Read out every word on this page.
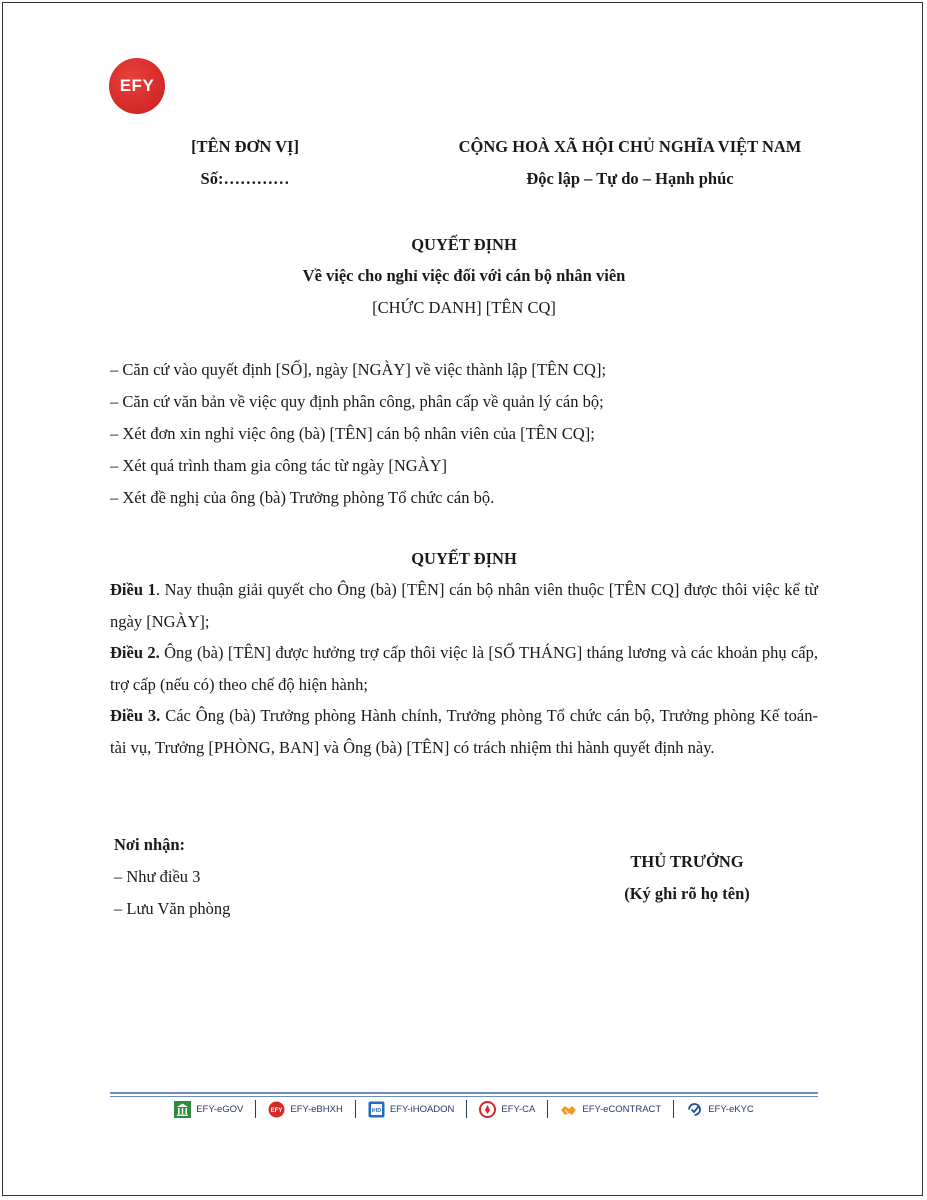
EFY
[TÊN ĐƠN VỊ]
Số:…………
CỘNG HOÀ XÃ HỘI CHỦ NGHĨA VIỆT NAM
Độc lập – Tự do – Hạnh phúc
QUYẾT ĐỊNH
Về việc cho nghỉ việc đối với cán bộ nhân viên
[CHỨC DANH] [TÊN CQ]
– Căn cứ vào quyết định [SỐ], ngày [NGÀY] về việc thành lập [TÊN CQ];
– Căn cứ văn bản về việc quy định phân công, phân cấp về quản lý cán bộ;
– Xét đơn xin nghỉ việc ông (bà) [TÊN] cán bộ nhân viên của [TÊN CQ];
– Xét quá trình tham gia công tác từ ngày [NGÀY]
– Xét đề nghị của ông (bà) Trưởng phòng Tổ chức cán bộ.
QUYẾT ĐỊNH
Điều 1. Nay thuận giải quyết cho Ông (bà) [TÊN] cán bộ nhân viên thuộc [TÊN CQ] được thôi việc kể từ ngày [NGÀY];
Điều 2. Ông (bà) [TÊN] được hưởng trợ cấp thôi việc là [SỐ THÁNG] tháng lương và các khoản phụ cấp, trợ cấp (nếu có) theo chế độ hiện hành;
Điều 3. Các Ông (bà) Trưởng phòng Hành chính, Trưởng phòng Tổ chức cán bộ, Trưởng phòng Kế toán- tài vụ, Trưởng [PHÒNG, BAN] và Ông (bà) [TÊN] có trách nhiệm thi hành quyết định này.
Nơi nhận:
– Như điều 3
– Lưu Văn phòng
THỦ TRƯỞNG
(Ký ghi rõ họ tên)
EFY-eGOV	EFY EFY-eBHXH	iHD EFY-iHOADON	EFY-CA	EFY-eCONTRACT	EFY-eKYC
